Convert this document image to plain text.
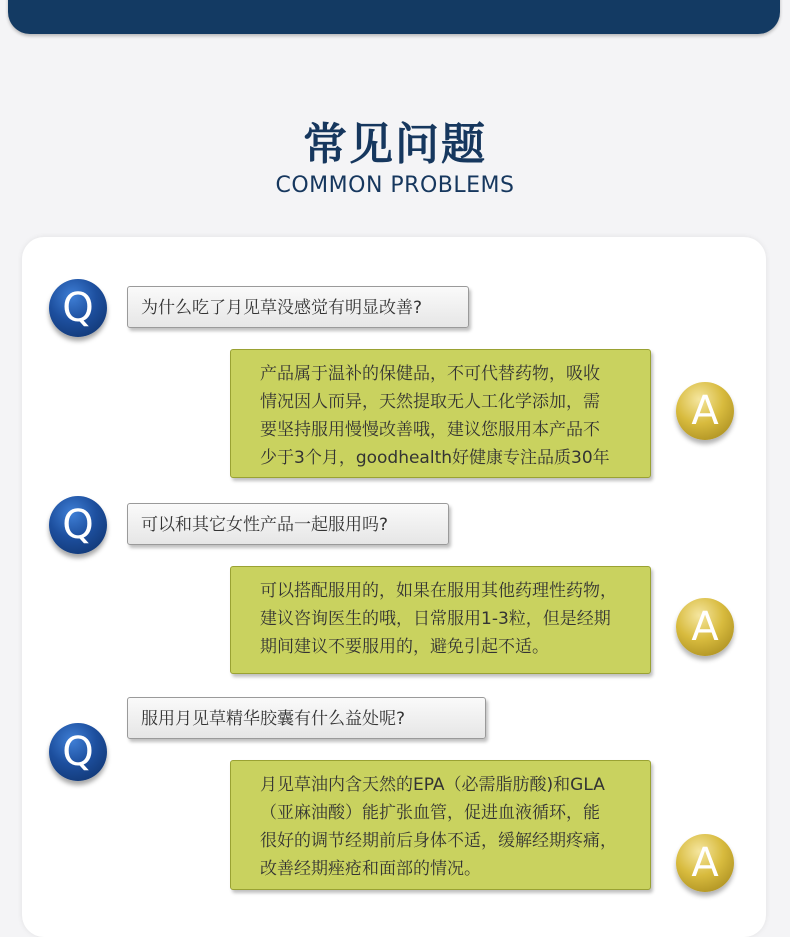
常见问题
COMMON PROBLEMS
Q	为什么吃了月见草没感觉有明显改善?
产品属于温补的保健品，不可代替药物，吸收
情况因人而异，天然提取无人工化学添加，需
要坚持服用慢慢改善哦，建议您服用本产品不
少于3个月，goodhealth好健康专注品质30年
A
Q	可以和其它女性产品一起服用吗?
可以搭配服用的，如果在服用其他药理性药物，
建议咨询医生的哦，日常服用1-3粒，但是经期
期间建议不要服用的，避免引起不适。	A
Q
服用月见草精华胶囊有什么益处呢?
月见草油内含天然的EPA（必需脂肪酸)和GLA
（亚麻油酸）能扩张血管，促进血液循环，能
很好的调节经期前后身体不适，缓解经期疼痛，
改善经期痤疮和面部的情况。	A
